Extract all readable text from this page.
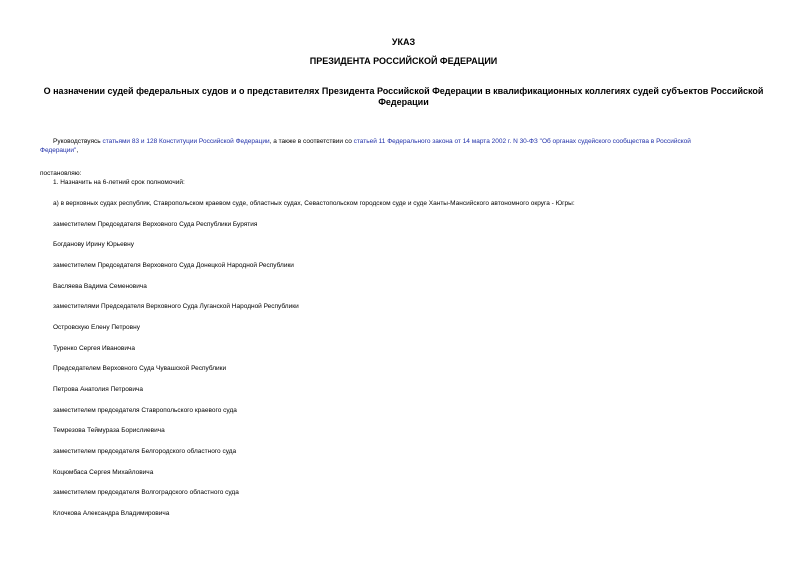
УКАЗ
ПРЕЗИДЕНТА РОССИЙСКОЙ ФЕДЕРАЦИИ
О назначении судей федеральных судов и о представителях Президента Российской Федерации в квалификационных коллегиях судей субъектов Российской
Федерации
Руководствуясь статьями 83 и 128 Конституции Российской Федерации, а также в соответствии со статьей 11 Федерального закона от 14 марта 2002 г. N 30-ФЗ "Об органах судейского сообщества в Российской
Федерации",
постановляю:
1. Назначить на 6-летний срок полномочий:
а) в верховных судах республик, Ставропольском краевом суде, областных судах, Севастопольском городском суде и суде Ханты-Мансийского автономного округа - Югры:
заместителем Председателя Верховного Суда Республики Бурятия
Богданову Ирину Юрьевну
заместителем Председателя Верховного Суда Донецкой Народной Республики
Васляева Вадима Семеновича
заместителями Председателя Верховного Суда Луганской Народной Республики
Островскую Елену Петровну
Туренко Сергея Ивановича
Председателем Верховного Суда Чувашской Республики
Петрова Анатолия Петровича
заместителем председателя Ставропольского краевого суда
Темрезова Теймураза Борислиевича
заместителем председателя Белгородского областного суда
Коцюмбаса Сергея Михайловича
заместителем председателя Волгоградского областного суда
Клочкова Александра Владимировича
